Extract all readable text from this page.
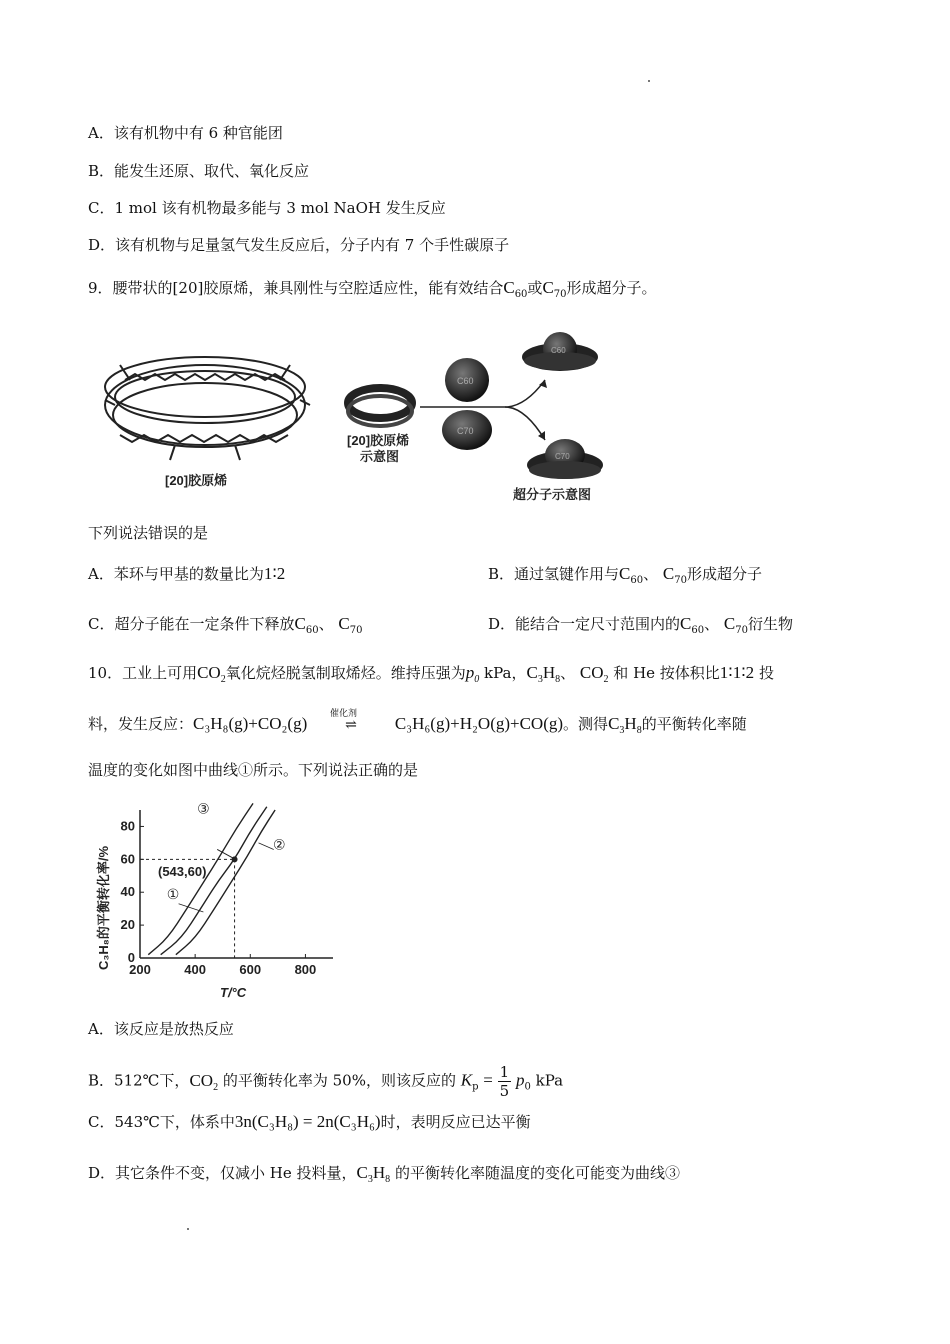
A．该有机物中有 6 种官能团
B．能发生还原、取代、氧化反应
C．1 mol 该有机物最多能与 3 mol NaOH 发生反应
D．该有机物与足量氢气发生反应后，分子内有 7 个手性碳原子
9．腰带状的[20]胶原烯，兼具刚性与空腔适应性，能有效结合$C_{60}$或$C_{70}$形成超分子。
[20]胶原烯
[20]胶原烯
示意图
C60
C70
C60
C70
超分子示意图
下列说法错误的是
A．苯环与甲基的数量比为1∶2	B．通过氢键作用与$C_{60}$、 $C_{70}$形成超分子
C．超分子能在一定条件下释放$C_{60}$、 $C_{70}$	D．能结合一定尺寸范围内的$C_{60}$、 $C_{70}$衍生物
10．工业上可用$CO_2$氧化烷烃脱氢制取烯烃。维持压强为$p_0$ kPa，$C_3H_8$、 $CO_2$ 和 He 按体积比1∶1∶2 投
料，发生反应：C₃H₈(g)+CO₂(g)	催化剂
⇌ C₃H₆(g)+H₂O(g)+CO(g)。测得$C_3H_8$的平衡转化率随
温度的变化如图中曲线①所示。下列说法正确的是
C₃H₈的平衡转化率/%
T/°C
(543,60)
200	400	600	800
0
20
40
60
80
①
②
③
A．该反应是放热反应
B．512℃下，$CO_2$ 的平衡转化率为 50%，则该反应的 $K_p = \frac{1}{5} p_0$ kPa
C．543℃下，体系中3n(C₃H₈) = 2n(C₃H₆)时，表明反应已达平衡
D．其它条件不变，仅减小 He 投料量，$C_3H_8$ 的平衡转化率随温度的变化可能变为曲线③
